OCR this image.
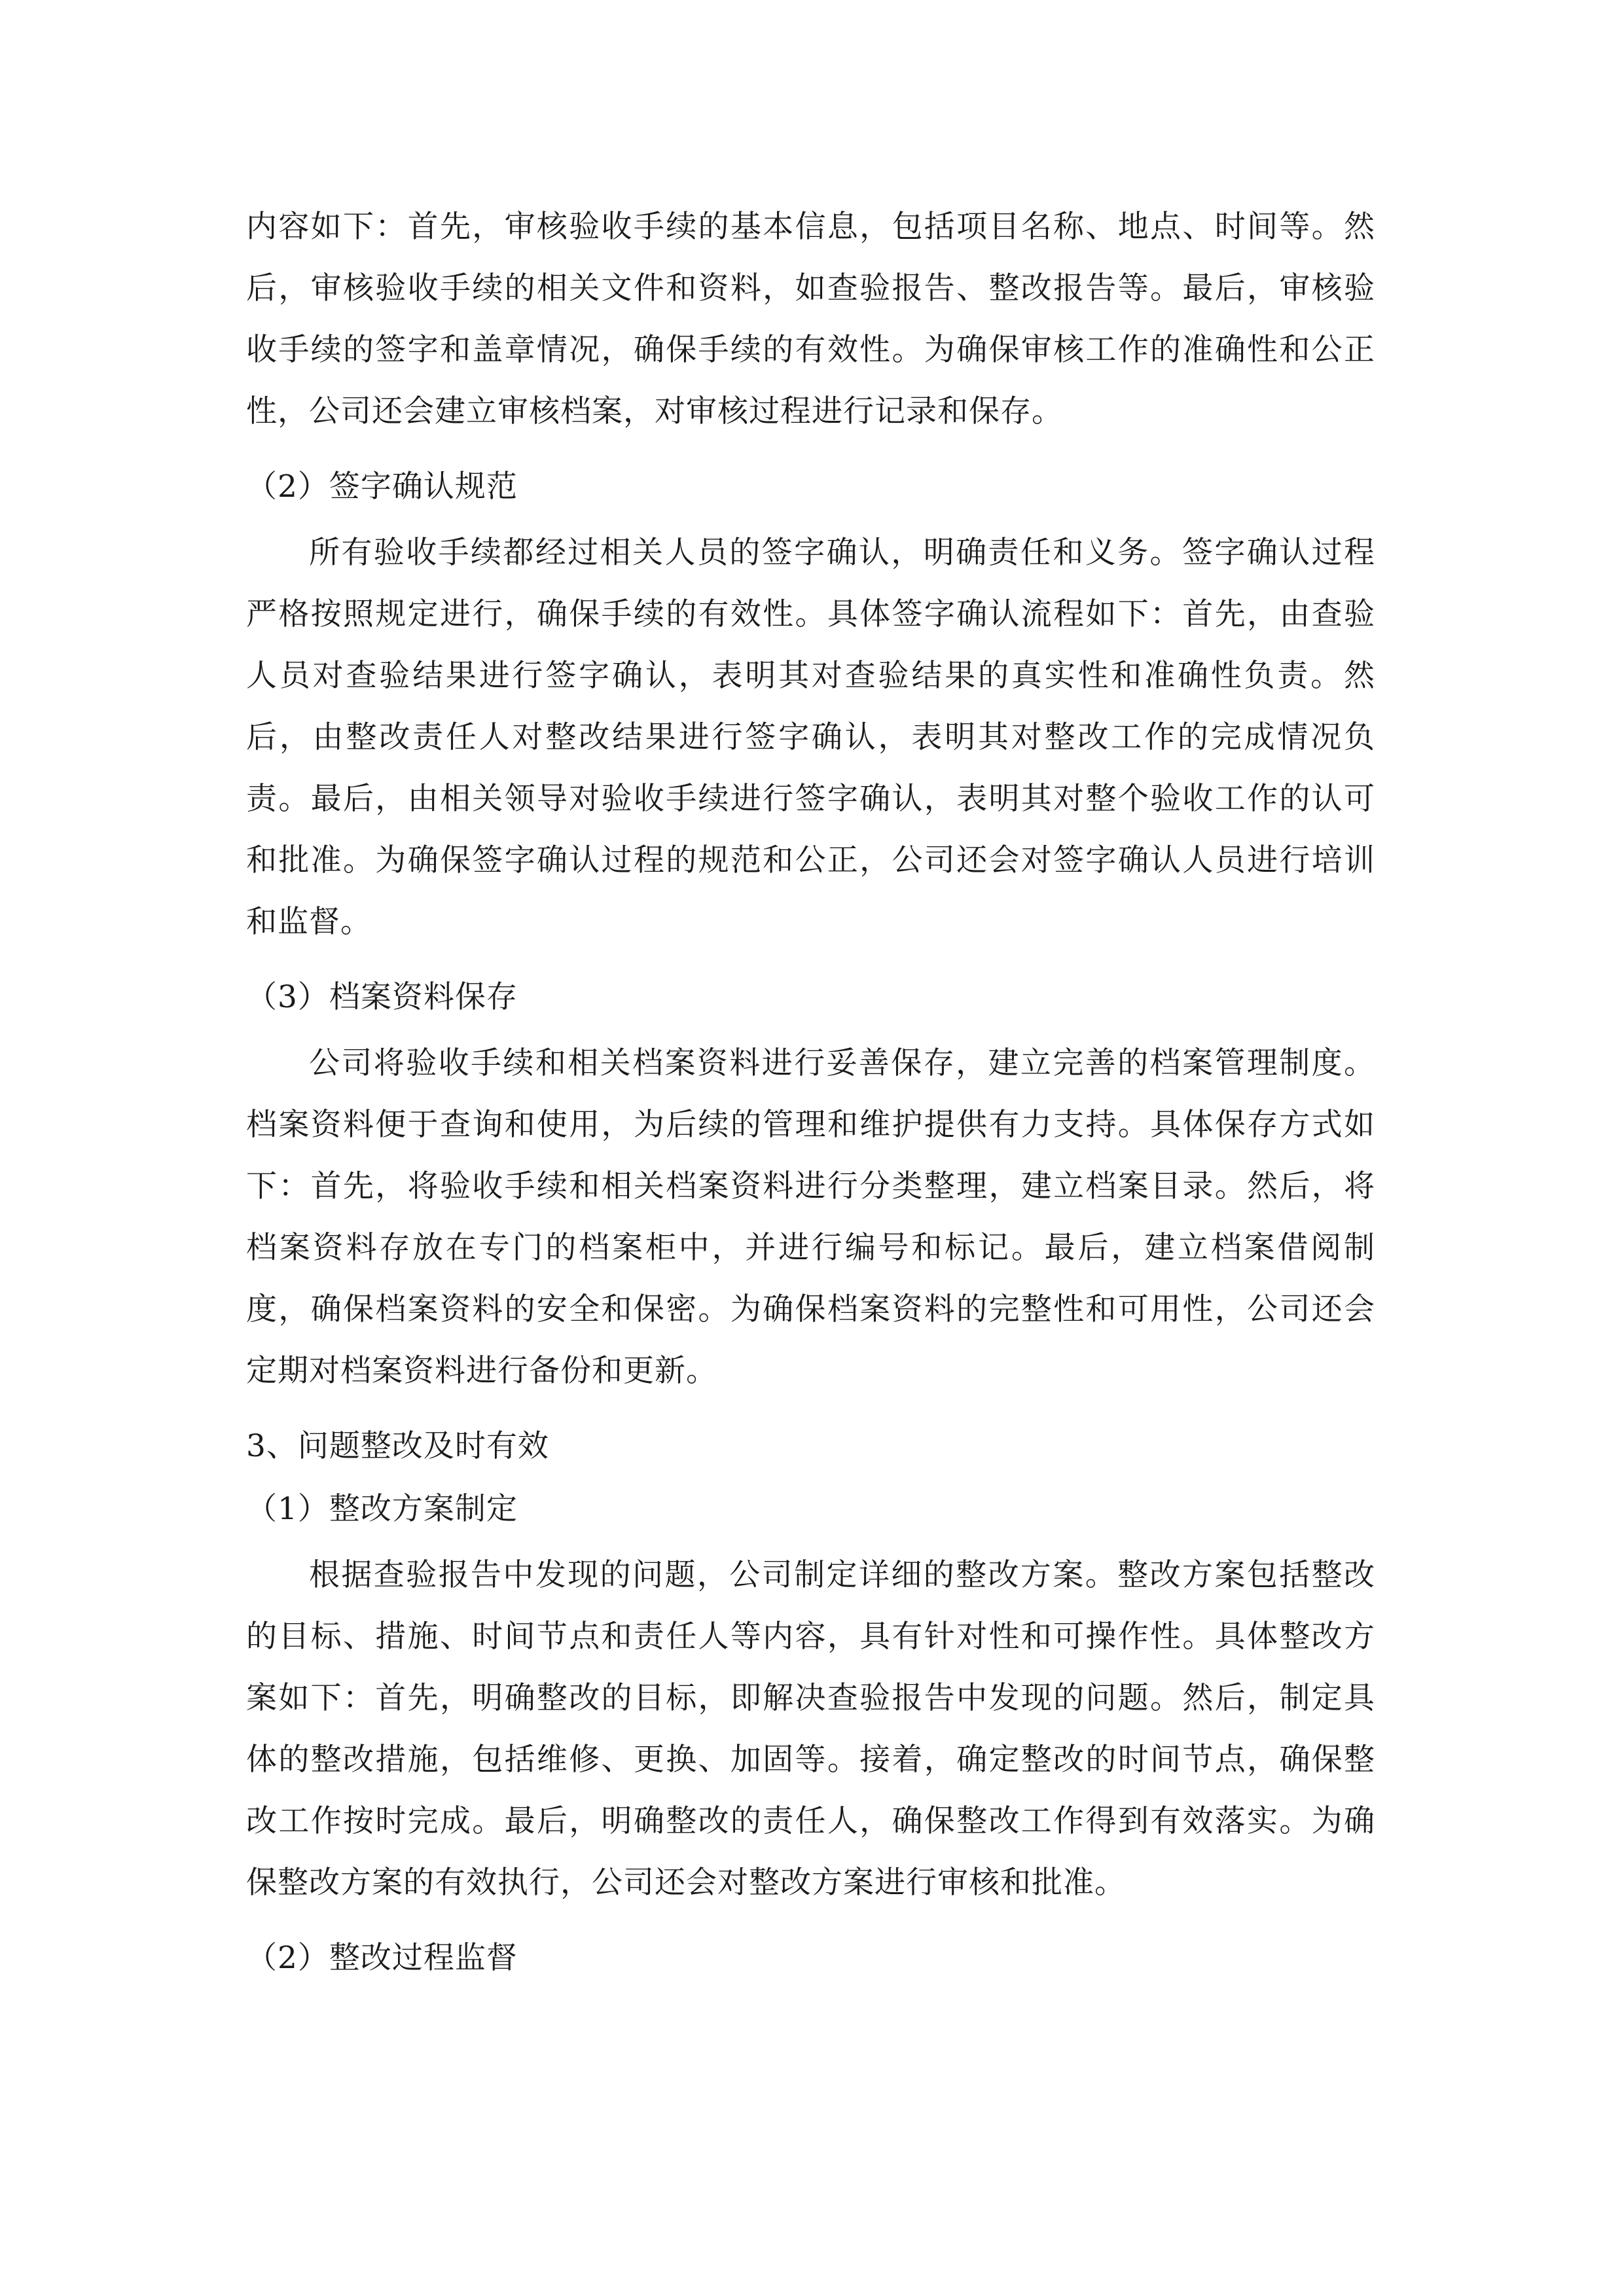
内容如下：首先，审核验收手续的基本信息，包括项目名称、地点、时间等。然后，审核验收手续的相关文件和资料，如查验报告、整改报告等。最后，审核验收手续的签字和盖章情况，确保手续的有效性。为确保审核工作的准确性和公正性，公司还会建立审核档案，对审核过程进行记录和保存。

（2）签字确认规范

所有验收手续都经过相关人员的签字确认，明确责任和义务。签字确认过程严格按照规定进行，确保手续的有效性。具体签字确认流程如下：首先，由查验人员对查验结果进行签字确认，表明其对查验结果的真实性和准确性负责。然后，由整改责任人对整改结果进行签字确认，表明其对整改工作的完成情况负责。最后，由相关领导对验收手续进行签字确认，表明其对整个验收工作的认可和批准。为确保签字确认过程的规范和公正，公司还会对签字确认人员进行培训和监督。

（3）档案资料保存

公司将验收手续和相关档案资料进行妥善保存，建立完善的档案管理制度。档案资料便于查询和使用，为后续的管理和维护提供有力支持。具体保存方式如下：首先，将验收手续和相关档案资料进行分类整理，建立档案目录。然后，将档案资料存放在专门的档案柜中，并进行编号和标记。最后，建立档案借阅制度，确保档案资料的安全和保密。为确保档案资料的完整性和可用性，公司还会定期对档案资料进行备份和更新。

3、问题整改及时有效

（1）整改方案制定

根据查验报告中发现的问题，公司制定详细的整改方案。整改方案包括整改的目标、措施、时间节点和责任人等内容，具有针对性和可操作性。具体整改方案如下：首先，明确整改的目标，即解决查验报告中发现的问题。然后，制定具体的整改措施，包括维修、更换、加固等。接着，确定整改的时间节点，确保整改工作按时完成。最后，明确整改的责任人，确保整改工作得到有效落实。为确保整改方案的有效执行，公司还会对整改方案进行审核和批准。

（2）整改过程监督
